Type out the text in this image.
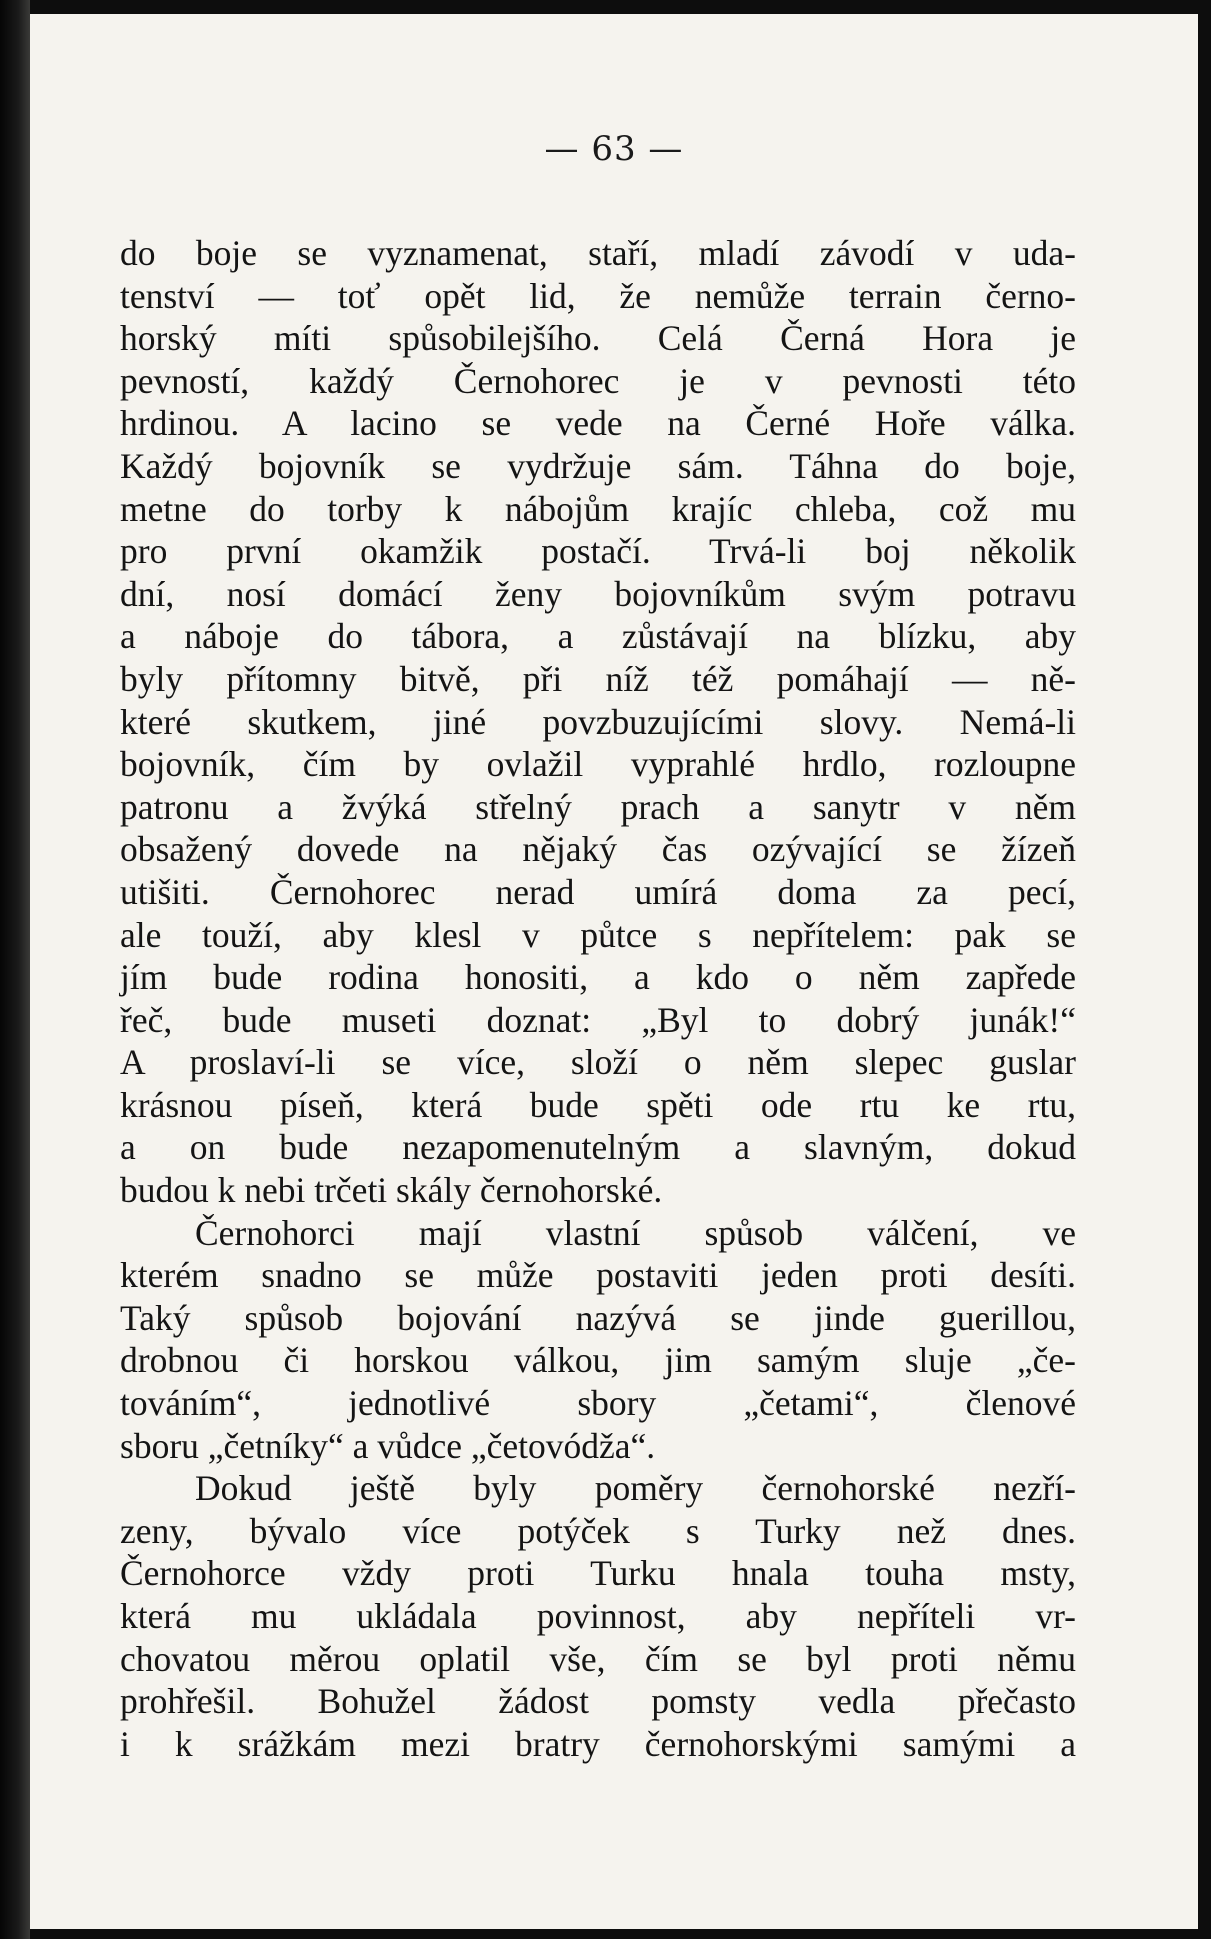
— 63 —
do boje se vyznamenat, staří, mladí závodí v uda-
tenství — toť opět lid, že nemůže terrain černo-
horský míti spůsobilejšího. Celá Černá Hora je
pevností, každý Černohorec je v pevnosti této
hrdinou. A lacino se vede na Černé Hoře válka.
Každý bojovník se vydržuje sám. Táhna do boje,
metne do torby k nábojům krajíc chleba, což mu
pro první okamžik postačí. Trvá-li boj několik
dní, nosí domácí ženy bojovníkům svým potravu
a náboje do tábora, a zůstávají na blízku, aby
byly přítomny bitvě, při níž též pomáhají — ně-
které skutkem, jiné povzbuzujícími slovy. Nemá-li
bojovník, čím by ovlažil vyprahlé hrdlo, rozloupne
patronu a žvýká střelný prach a sanytr v něm
obsažený dovede na nějaký čas ozývající se žízeň
utišiti. Černohorec nerad umírá doma za pecí,
ale touží, aby klesl v půtce s nepřítelem: pak se
jím bude rodina honositi, a kdo o něm zapřede
řeč, bude museti doznat: „Byl to dobrý junák!“
A proslaví-li se více, složí o něm slepec guslar
krásnou píseň, která bude spěti ode rtu ke rtu,
a on bude nezapomenutelným a slavným, dokud
budou k nebi trčeti skály černohorské.
Černohorci mají vlastní spůsob válčení, ve
kterém snadno se může postaviti jeden proti desíti.
Taký spůsob bojování nazývá se jinde guerillou,
drobnou či horskou válkou, jim samým sluje „če-
továním“, jednotlivé sbory „četami“, členové
sboru „četníky“ a vůdce „četovódža“.
Dokud ještě byly poměry černohorské nezří-
zeny, bývalo více potýček s Turky než dnes.
Černohorce vždy proti Turku hnala touha msty,
která mu ukládala povinnost, aby nepříteli vr-
chovatou měrou oplatil vše, čím se byl proti němu
prohřešil. Bohužel žádost pomsty vedla přečasto
i k srážkám mezi bratry černohorskými samými a
